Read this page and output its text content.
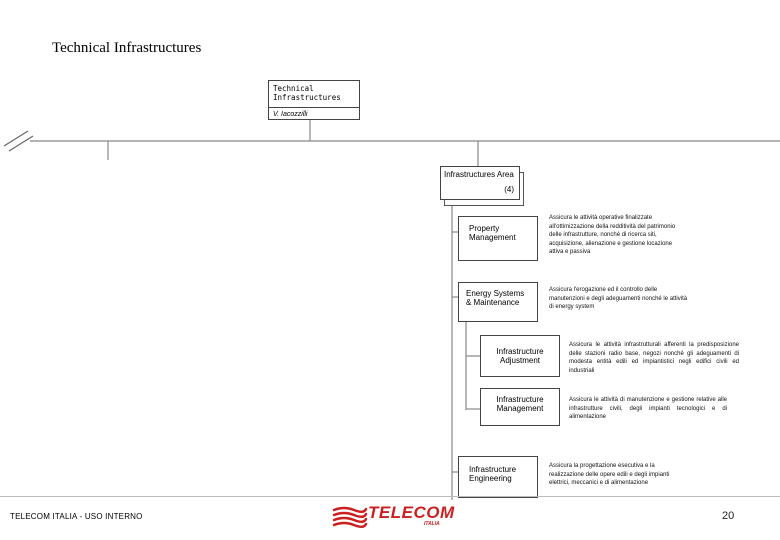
Technical Infrastructures
Technical Infrastructures
V. Iacozzilli
Infrastructures Area
(4)
Property Management
Assicura le attività operative finalizzate all'ottimizzazione della redditività del patrimonio delle infrastrutture, nonché di ricerca siti, acquisizione, alienazione e gestione locazione attiva e passiva
Energy Systems & Maintenance
Assicura l'erogazione ed il controllo delle manutenzioni e degli adeguamenti nonché le attività di energy system
Infrastructure Adjustment
Assicura le attività infrastrutturali afferenti la predisposizione delle stazioni radio base, negozi nonché gli adeguamenti di modesta entità edili ed impiantistici negli edifici civili ed industriali
Infrastructure Management
Assicura le attività di manutenzione e gestione relative alle infrastrutture civili, degli impianti tecnologici e di alimentazione
Infrastructure Engineering
Assicura la progettazione esecutiva e la realizzazione delle opere edili e degli impianti elettrici, meccanici e di alimentazione
TELECOM ITALIA - USO INTERNO	TELECOM
ITALIA
20
